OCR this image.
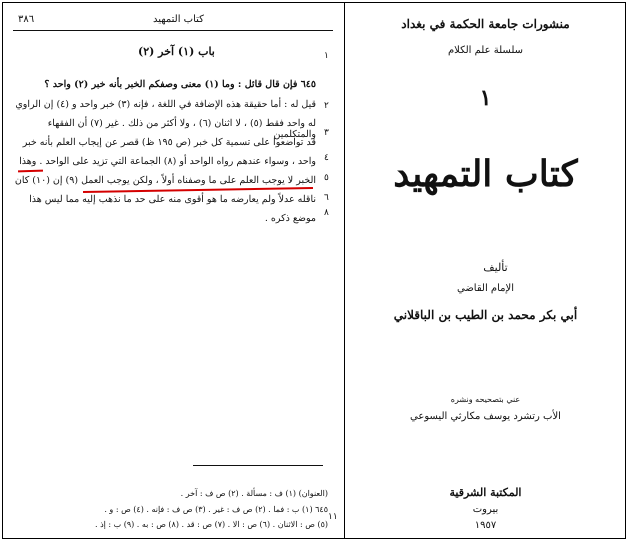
٣٨٦	كتاب التمهيد
باب (١) آخر (٢)	١
٢
٣
٤
٥
٦
٨
١١
٦٤٥ فإن قال قائل : وما (١) معنى وصفكم الخبر بأنه خبر (٢) واحد ؟
قيل له : أما حقيقة هذه الإضافة في اللغة ، فإنه (٣) خبر واحد و (٤) إن الراوي
له واحد فقط (٥) ، لا اثنان (٦) ، ولا أكثر من ذلك . غير (٧) أن الفقهاء والمتكلمين
قد تواضعوا على تسمية كل خبر (ص ١٩٥ ظ) قصر عن إيجاب العلم بأنه خبر
واحد ، وسواء عندهم رواه الواحد أو (٨) الجماعة التي تزيد على الواحد . وهذا
الخبر لا يوجب العلم على ما وصفناه أولاً ، ولكن يوجب العمل (٩) إن (١٠) كان
ناقله عدلاً ولم يعارضه ما هو أقوى منه على حد ما نذهب إليه مما ليس هذا
موضع ذكره .
(العنوان) (١) ف : مسألة . (٢) ص ف : آخر .
٦٤٥ (١) ب : فما . (٢) ص ف : غير . (٣) ص ف : فإنه . (٤) ص : و .
(٥) ص : الاثنان . (٦) ص : الا . (٧) ص : قد . (٨) ص : به . (٩) ب : إذ .
منشورات جامعة الحكمة في بغداد
سلسلة علم الكلام
١
كتاب التمهيد
تأليف
الإمام القاضي
أبي بكر محمد بن الطيب بن الباقلاني
عني بتصحيحه ونشره
الأب رتشرد يوسف مكارثي اليسوعي
المكتبة الشرقية
بيروت
١٩٥٧
